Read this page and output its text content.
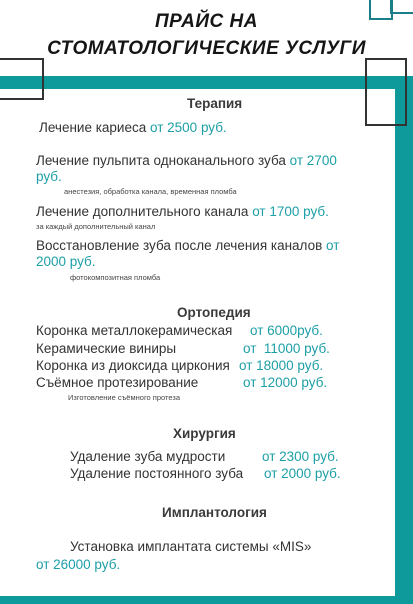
ПРАЙС НА
СТОМАТОЛОГИЧЕСКИЕ УСЛУГИ
Терапия
Лечение кариеса от 2500 руб.
Лечение пульпита одноканального зуба от 2700
руб.
анестезия, обработка канала, временная пломба
Лечение дополнительного канала от 1700 руб.
за каждый дополнительный канал
Восстановление зуба после лечения каналов от
2000 руб.
фотокомпозитная пломба
Ортопедия
Коронка металлокерамическая от 6000руб.
Керамические виниры	от  11000 руб.
Коронка из диоксида циркония от 18000 руб.
Съёмное протезирование	от 12000 руб.
Изготовление съёмного протеза
Хирургия
Удаление зуба мудрости	от 2300 руб.
Удаление постоянного зуба от 2000 руб.
Имплантология
Установка имплантата системы «MIS»
от 26000 руб.
